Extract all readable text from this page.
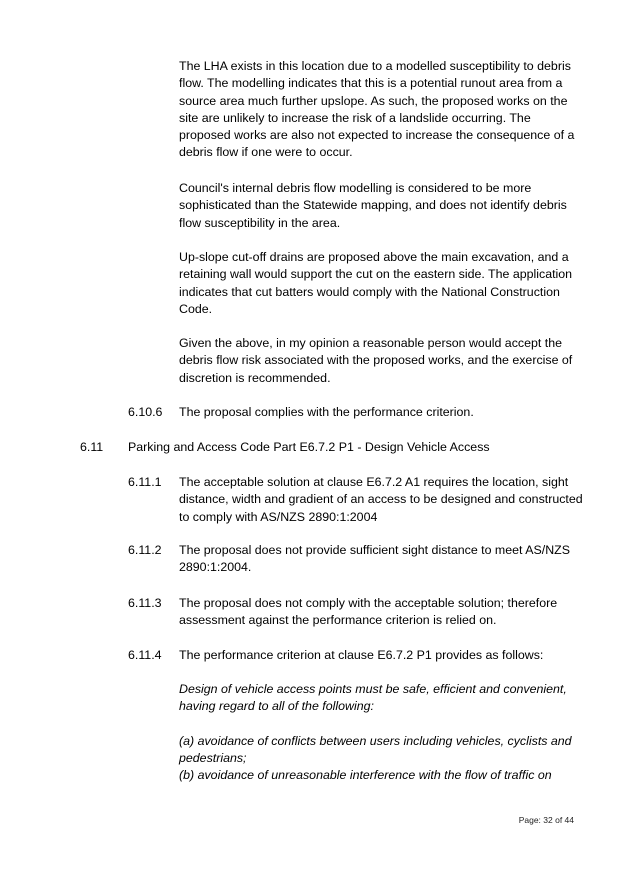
The LHA exists in this location due to a modelled susceptibility to debris flow. The modelling indicates that this is a potential runout area from a source area much further upslope. As such, the proposed works on the site are unlikely to increase the risk of a landslide occurring. The proposed works are also not expected to increase the consequence of a debris flow if one were to occur.

Council's internal debris flow modelling is considered to be more sophisticated than the Statewide mapping, and does not identify debris flow susceptibility in the area.

Up-slope cut-off drains are proposed above the main excavation, and a retaining wall would support the cut on the eastern side. The application indicates that cut batters would comply with the National Construction Code.

Given the above, in my opinion a reasonable person would accept the debris flow risk associated with the proposed works, and the exercise of discretion is recommended.

6.10.6 The proposal complies with the performance criterion.

6.11 Parking and Access Code Part E6.7.2 P1 - Design Vehicle Access
6.11.1 The acceptable solution at clause E6.7.2 A1 requires the location, sight distance, width and gradient of an access to be designed and constructed to comply with AS/NZS 2890:1:2004

6.11.2 The proposal does not provide sufficient sight distance to meet AS/NZS 2890:1:2004.

6.11.3 The proposal does not comply with the acceptable solution; therefore assessment against the performance criterion is relied on.

6.11.4 The performance criterion at clause E6.7.2 P1 provides as follows:

Design of vehicle access points must be safe, efficient and convenient, having regard to all of the following:

(a) avoidance of conflicts between users including vehicles, cyclists and pedestrians;

(b) avoidance of unreasonable interference with the flow of traffic on

Page: 32 of 44
